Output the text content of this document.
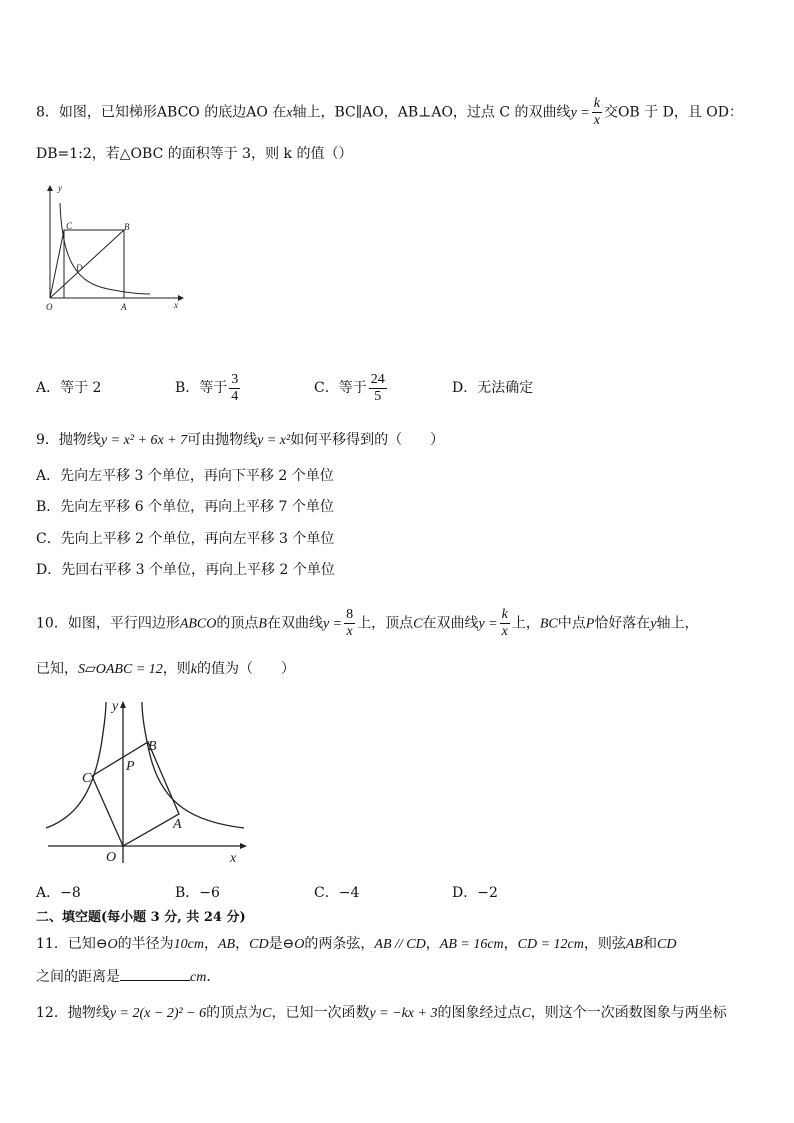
8．如图，已知梯形ABCO 的底边AO 在x轴上，BC∥AO，AB⊥AO，过点 C 的双曲线$y = \frac{k}{x}$ 交OB 于 D，且 OD：
DB=1:2，若△OBC 的面积等于 3，则 k 的值（）
y
x
O	A
B
C
D
A．等于 2	B．等于 $\frac{3}{4}$	C．等于 $\frac{24}{5}$	D．无法确定
9．抛物线y = x² + 6x + 7可由抛物线y = x²如何平移得到的（　　）
A．先向左平移 3 个单位，再向下平移 2 个单位
B．先向左平移 6 个单位，再向上平移 7 个单位
C．先向上平移 2 个单位，再向左平移 3 个单位
D．先回右平移 3 个单位，再向上平移 2 个单位
10．如图，平行四边形ABCO的顶点B在双曲线$y = \frac{8}{x}$ 上，顶点C在双曲线$y = \frac{k}{x}$ 上，BC中点P恰好落在y轴上，
已知，S▱OABC = 12，则k的值为（　　）
y
x
O
A
B
C
P
A．−8	B．−6	C．−4	D．−2
二、填空题(每小题 3 分, 共 24 分)
11．已知⊖O的半径为10cm，AB，CD是⊖O的两条弦，AB // CD，AB = 16cm，CD = 12cm，则弦AB和CD
之间的距离是	cm．
12．抛物线y = 2(x − 2)² − 6的顶点为C，已知一次函数y = −kx + 3的图象经过点C，则这个一次函数图象与两坐标
